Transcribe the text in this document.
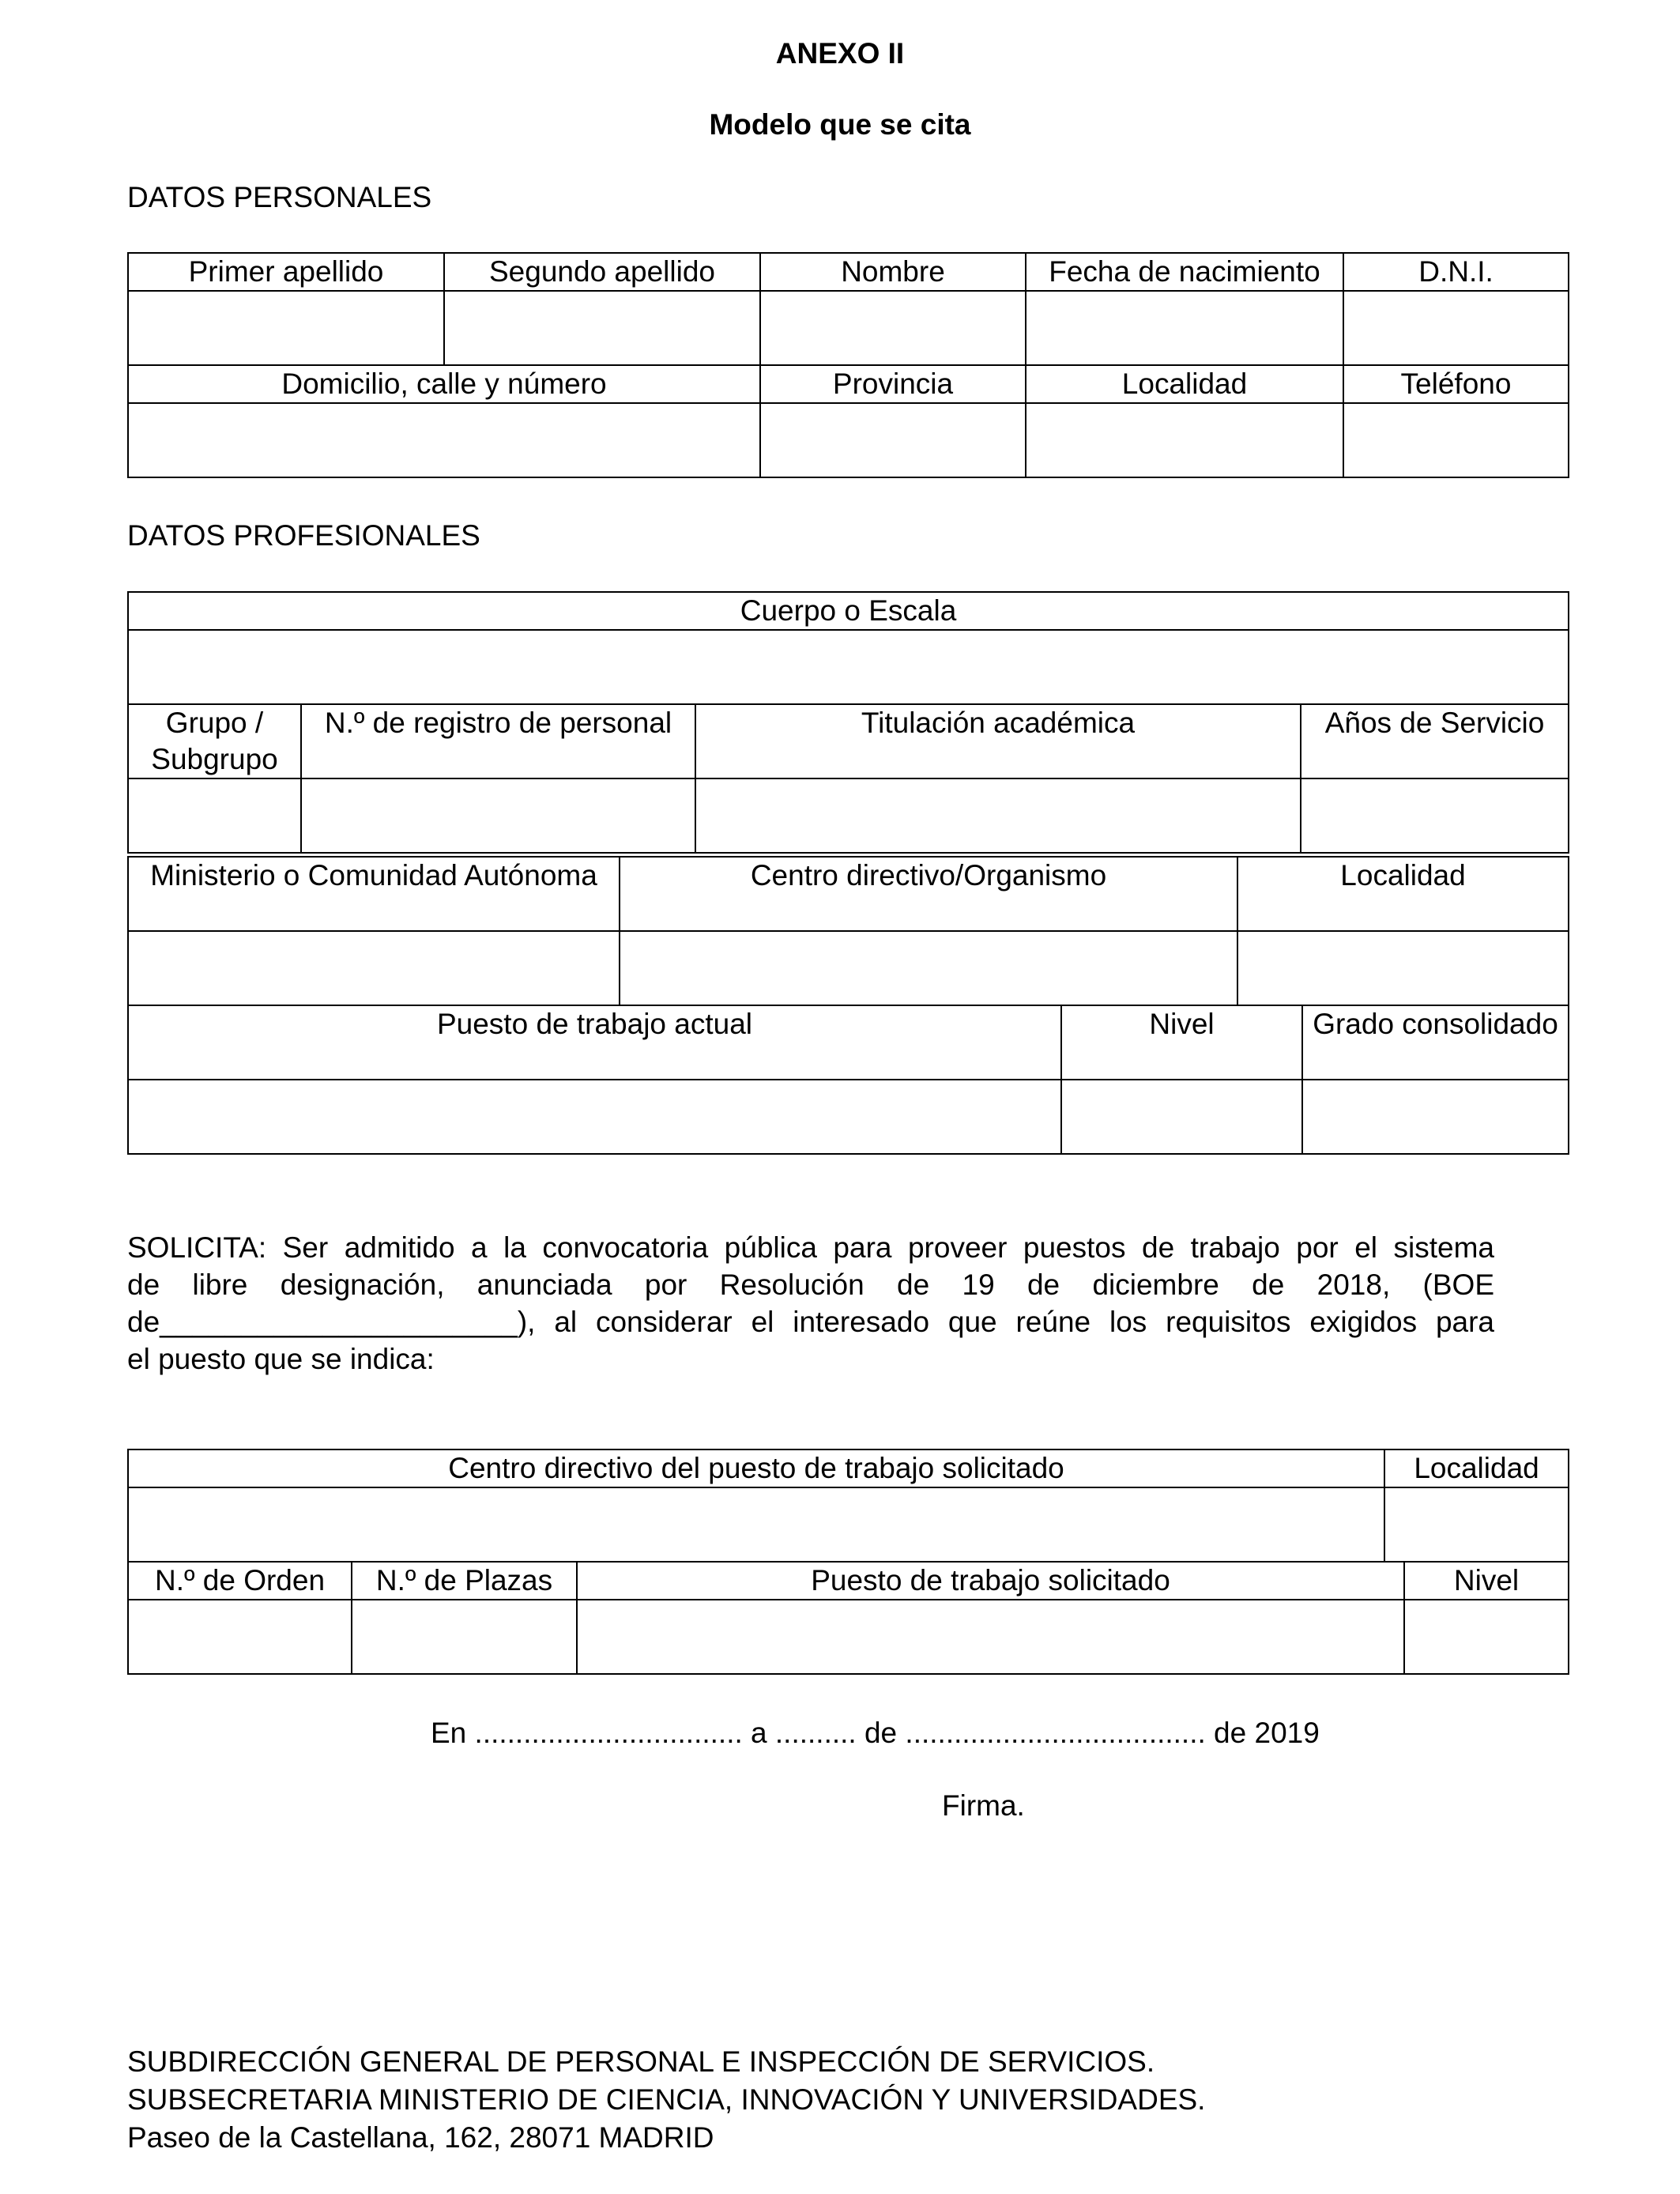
ANEXO II
Modelo que se cita
DATOS PERSONALES
Primer apellido	Segundo apellido	Nombre	Fecha de nacimiento	D.N.I.

Domicilio, calle y número		Provincia	Localidad	Teléfono

DATOS PROFESIONALES
Cuerpo o Escala			

Grupo / Subgrupo	N.º de registro de personal	Titulación académica	Años de Servicio

Ministerio o Comunidad Autónoma	Centro directivo/Organismo	Localidad

Puesto de trabajo actual	Nivel	Grado consolidado

SOLICITA: Ser admitido a la convocatoria pública para proveer puestos de trabajo por el sistema
de libre designación, anunciada por Resolución de 19 de diciembre de 2018, (BOE
de______________________), al considerar el interesado que reúne los requisitos exigidos para
el puesto que se indica:
Centro directivo del puesto de trabajo solicitado	Localidad

N.º de Orden	N.º de Plazas	Puesto de trabajo solicitado	Nivel

En ................................. a .......... de ..................................... de 2019
Firma.
SUBDIRECCIÓN GENERAL DE PERSONAL E INSPECCIÓN DE SERVICIOS.
SUBSECRETARIA MINISTERIO DE CIENCIA, INNOVACIÓN Y UNIVERSIDADES.
Paseo de la Castellana, 162, 28071 MADRID
